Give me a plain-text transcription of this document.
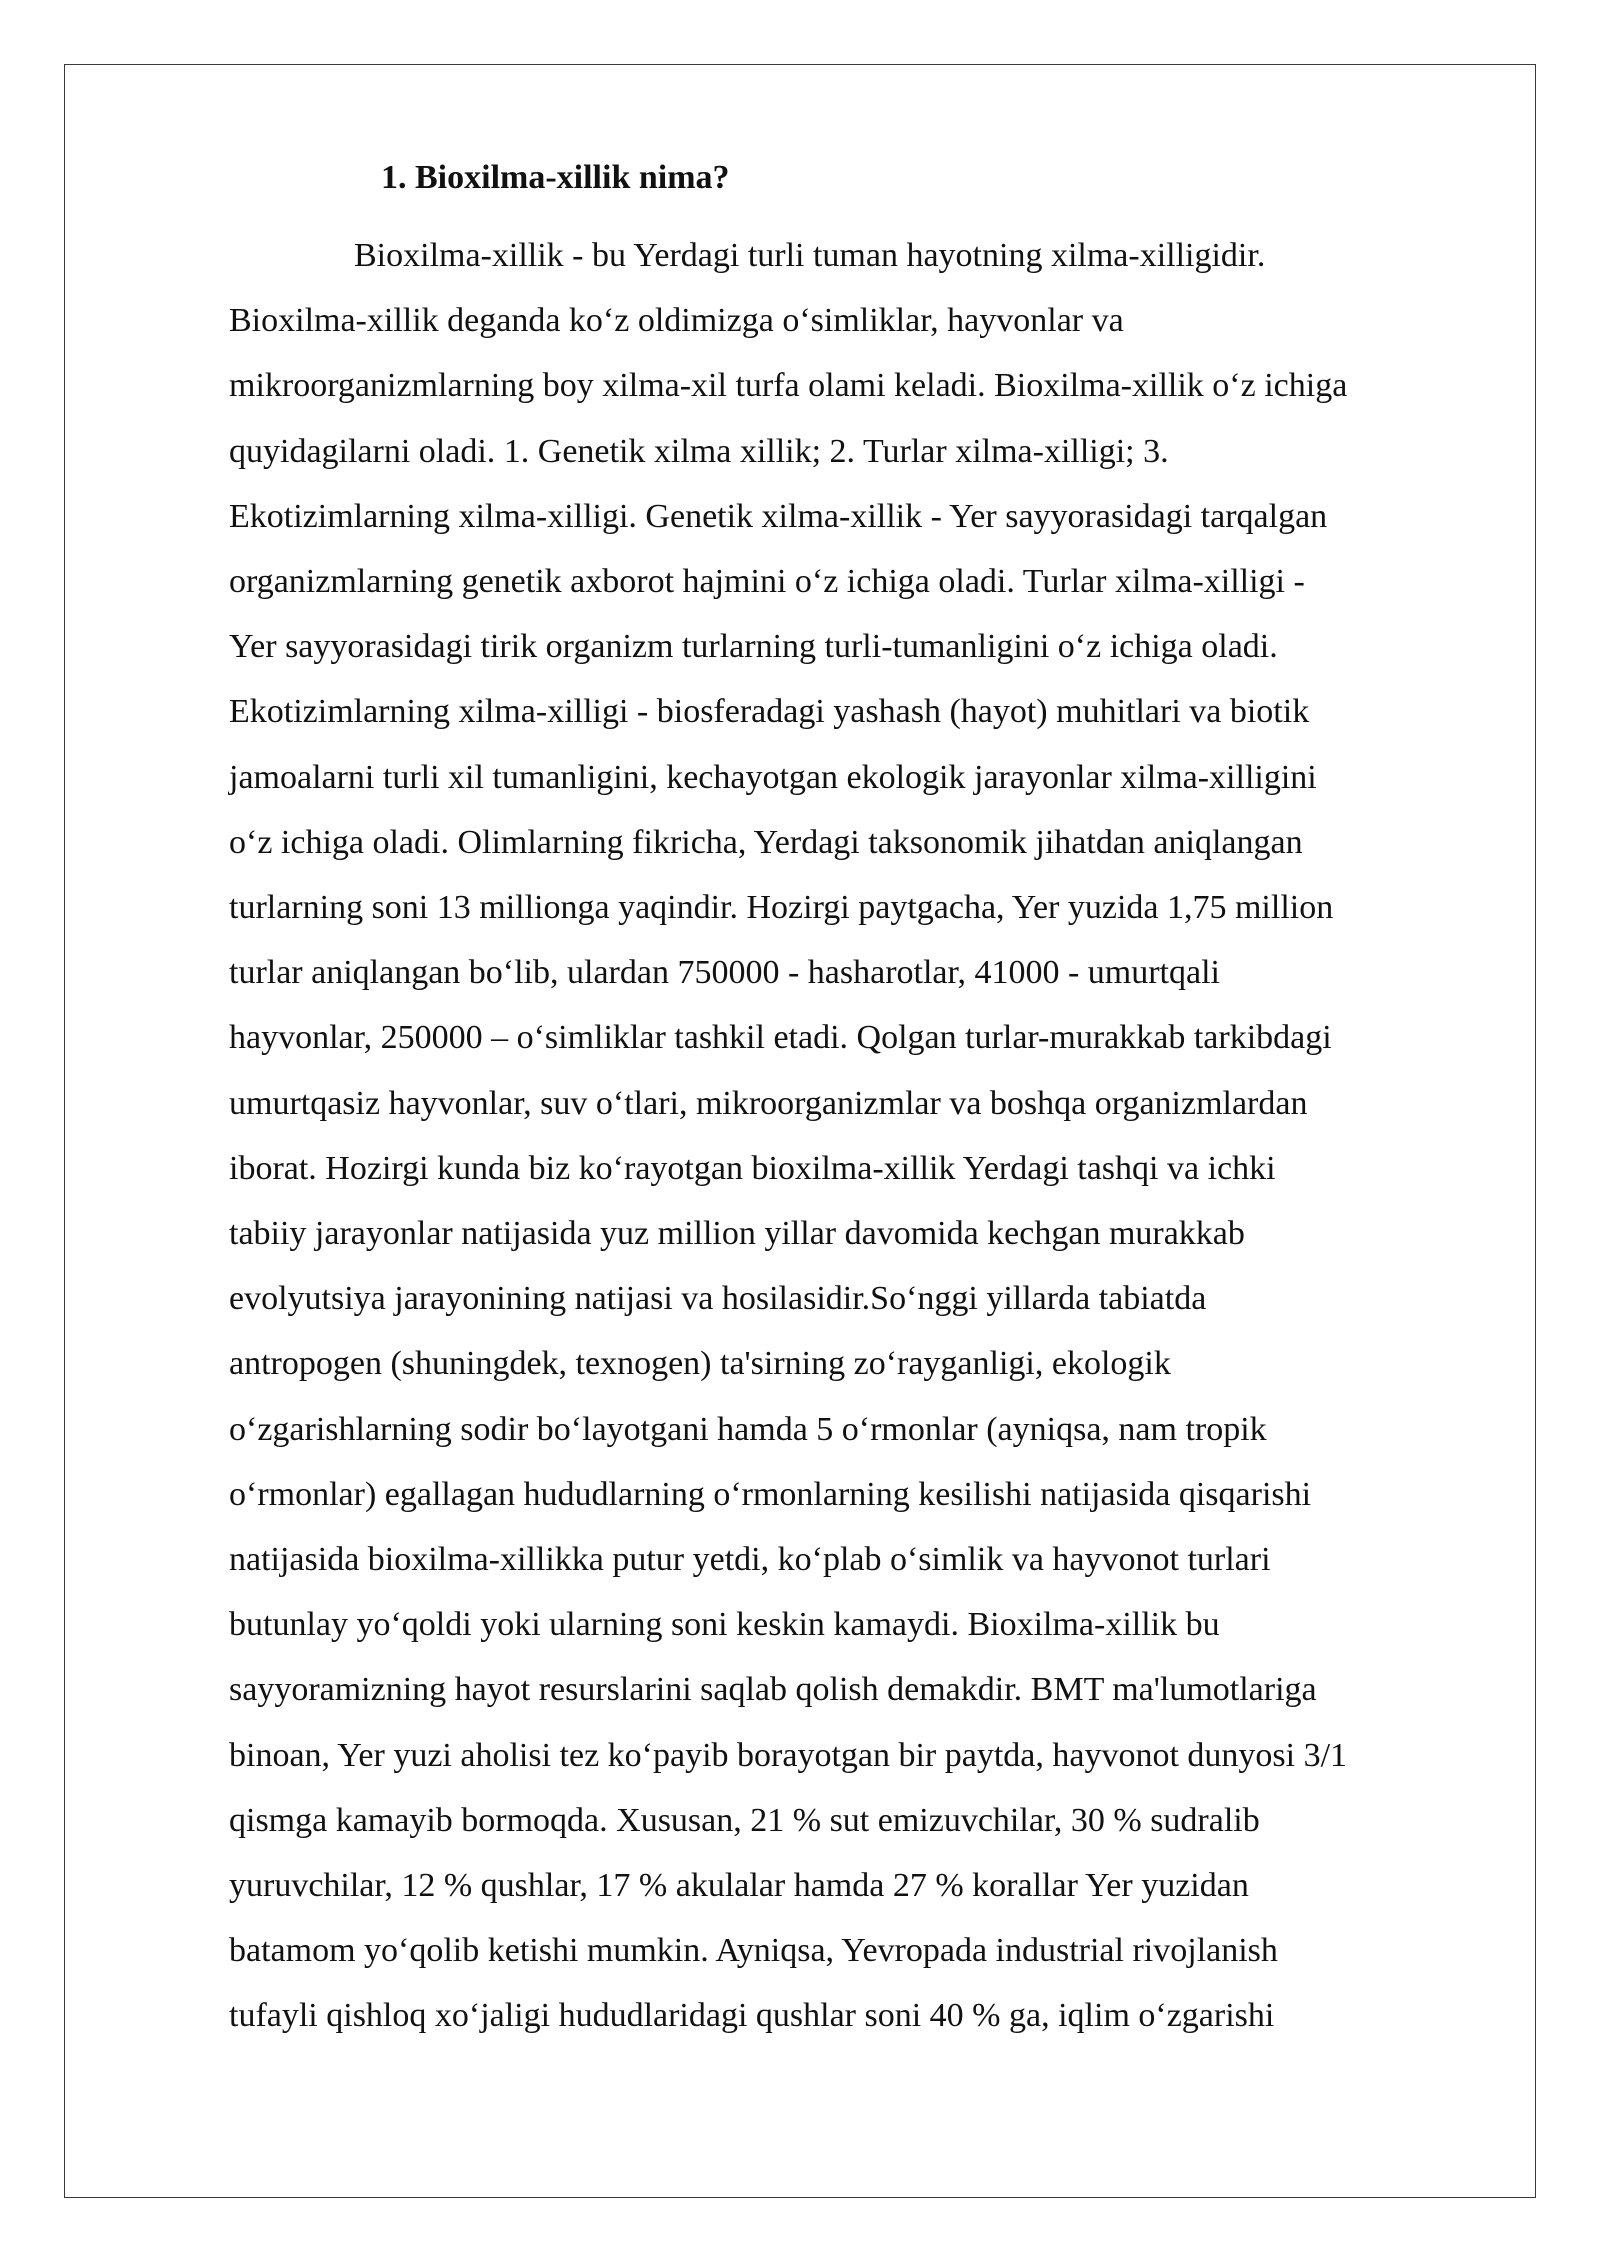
1. Bioxilma-xillik nima?

Bioxilma-xillik - bu Yerdagi turli tuman hayotning xilma-xilligidir.

Bioxilma-xillik deganda ko‘z oldimizga o‘simliklar, hayvonlar va

mikroorganizmlarning boy xilma-xil turfa olami keladi. Bioxilma-xillik o‘z ichiga

quyidagilarni oladi. 1. Genetik xilma xillik; 2. Turlar xilma-xilligi; 3.

Ekotizimlarning xilma-xilligi. Genetik xilma-xillik - Yer sayyorasidagi tarqalgan

organizmlarning genetik axborot hajmini o‘z ichiga oladi. Turlar xilma-xilligi -

Yer sayyorasidagi tirik organizm turlarning turli-tumanligini o‘z ichiga oladi.

Ekotizimlarning xilma-xilligi - biosferadagi yashash (hayot) muhitlari va biotik

jamoalarni turli xil tumanligini, kechayotgan ekologik jarayonlar xilma-xilligini

o‘z ichiga oladi. Olimlarning fikricha, Yerdagi taksonomik jihatdan aniqlangan

turlarning soni 13 millionga yaqindir. Hozirgi paytgacha, Yer yuzida 1,75 million

turlar aniqlangan bo‘lib, ulardan 750000 - hasharotlar, 41000 - umurtqali

hayvonlar, 250000 – o‘simliklar tashkil etadi. Qolgan turlar-murakkab tarkibdagi

umurtqasiz hayvonlar, suv o‘tlari, mikroorganizmlar va boshqa organizmlardan

iborat. Hozirgi kunda biz ko‘rayotgan bioxilma-xillik Yerdagi tashqi va ichki

tabiiy jarayonlar natijasida yuz million yillar davomida kechgan murakkab

evolyutsiya jarayonining natijasi va hosilasidir.So‘nggi yillarda tabiatda

antropogen (shuningdek, texnogen) ta'sirning zo‘rayganligi, ekologik

o‘zgarishlarning sodir bo‘layotgani hamda 5 o‘rmonlar (ayniqsa, nam tropik

o‘rmonlar) egallagan hududlarning o‘rmonlarning kesilishi natijasida qisqarishi

natijasida bioxilma-xillikka putur yetdi, ko‘plab o‘simlik va hayvonot turlari

butunlay yo‘qoldi yoki ularning soni keskin kamaydi. Bioxilma-xillik bu

sayyoramizning hayot resurslarini saqlab qolish demakdir. BMT ma'lumotlariga

binoan, Yer yuzi aholisi tez ko‘payib borayotgan bir paytda, hayvonot dunyosi 3/1

qismga kamayib bormoqda. Xususan, 21 % sut emizuvchilar, 30 % sudralib

yuruvchilar, 12 % qushlar, 17 % akulalar hamda 27 % korallar Yer yuzidan

batamom yo‘qolib ketishi mumkin. Ayniqsa, Yevropada industrial rivojlanish

tufayli qishloq xo‘jaligi hududlaridagi qushlar soni 40 % ga, iqlim o‘zgarishi
